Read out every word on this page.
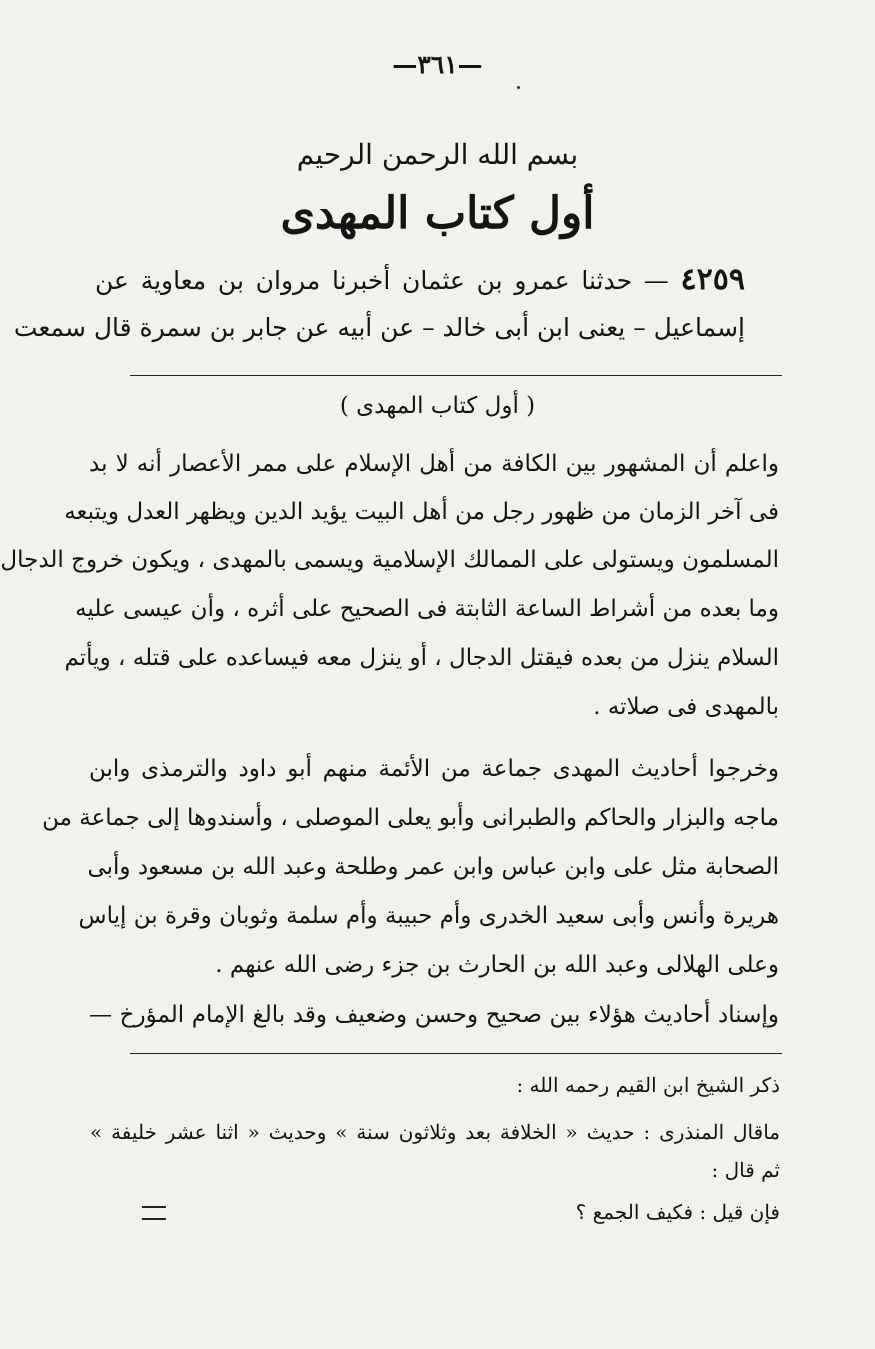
—٣٦١—
بسم الله الرحمن الرحيم
أول كتاب المهدى
٤٢٥٩ — حدثنا عمرو بن عثمان أخبرنا مروان بن معاوية عن
إسماعيل – يعنى ابن أبى خالد – عن أبيه عن جابر بن سمرة قال سمعت
( أول كتاب المهدى )
واعلم أن المشهور بين الكافة من أهل الإسلام على ممر الأعصار أنه لا بد
فى آخر الزمان من ظهور رجل من أهل البيت يؤيد الدين ويظهر العدل ويتبعه
المسلمون ويستولى على الممالك الإسلامية ويسمى بالمهدى ، ويكون خروج الدجال
وما بعده من أشراط الساعة الثابتة فى الصحيح على أثره ، وأن عيسى عليه
السلام ينزل من بعده فيقتل الدجال ، أو ينزل معه فيساعده على قتله ، ويأتم
بالمهدى فى صلاته .
وخرجوا أحاديث المهدى جماعة من الأئمة منهم أبو داود والترمذى وابن
ماجه والبزار والحاكم والطبرانى وأبو يعلى الموصلى ، وأسندوها إلى جماعة من
الصحابة مثل على وابن عباس وابن عمر وطلحة وعبد الله بن مسعود وأبى
هريرة وأنس وأبى سعيد الخدرى وأم حبيبة وأم سلمة وثوبان وقرة بن إياس
وعلى الهلالى وعبد الله بن الحارث بن جزء رضى الله عنهم .
وإسناد أحاديث هؤلاء بين صحيح وحسن وضعيف وقد بالغ الإمام المؤرخ —
ذكر الشيخ ابن القيم رحمه الله :
ماقال المنذرى : حديث « الخلافة بعد وثلاثون سنة » وحديث « اثنا عشر خليفة »
ثم قال :
فإن قيل : فكيف الجمع ؟
